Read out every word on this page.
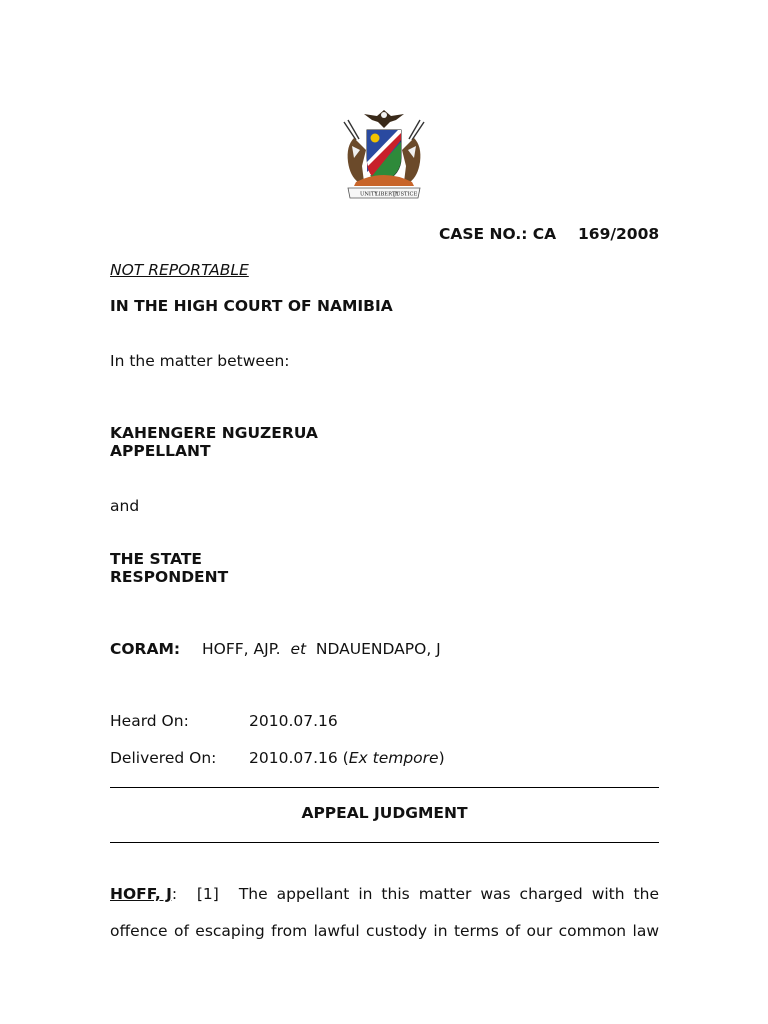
UNITY
LIBERTY
JUSTICE
CASE NO.: CA 169/2008
NOT REPORTABLE
IN THE HIGH COURT OF NAMIBIA
In the matter between:
KAHENGERE NGUZERUA
APPELLANT
and
THE STATE
RESPONDENT
CORAM: HOFF, AJP. et NDAUENDAPO, J
Heard On:	2010.07.16
Delivered On: 2010.07.16 (Ex tempore)
APPEAL JUDGMENT
HOFF, J: [1] The appellant in this matter was charged with the
offence of escaping from lawful custody in terms of our common law
